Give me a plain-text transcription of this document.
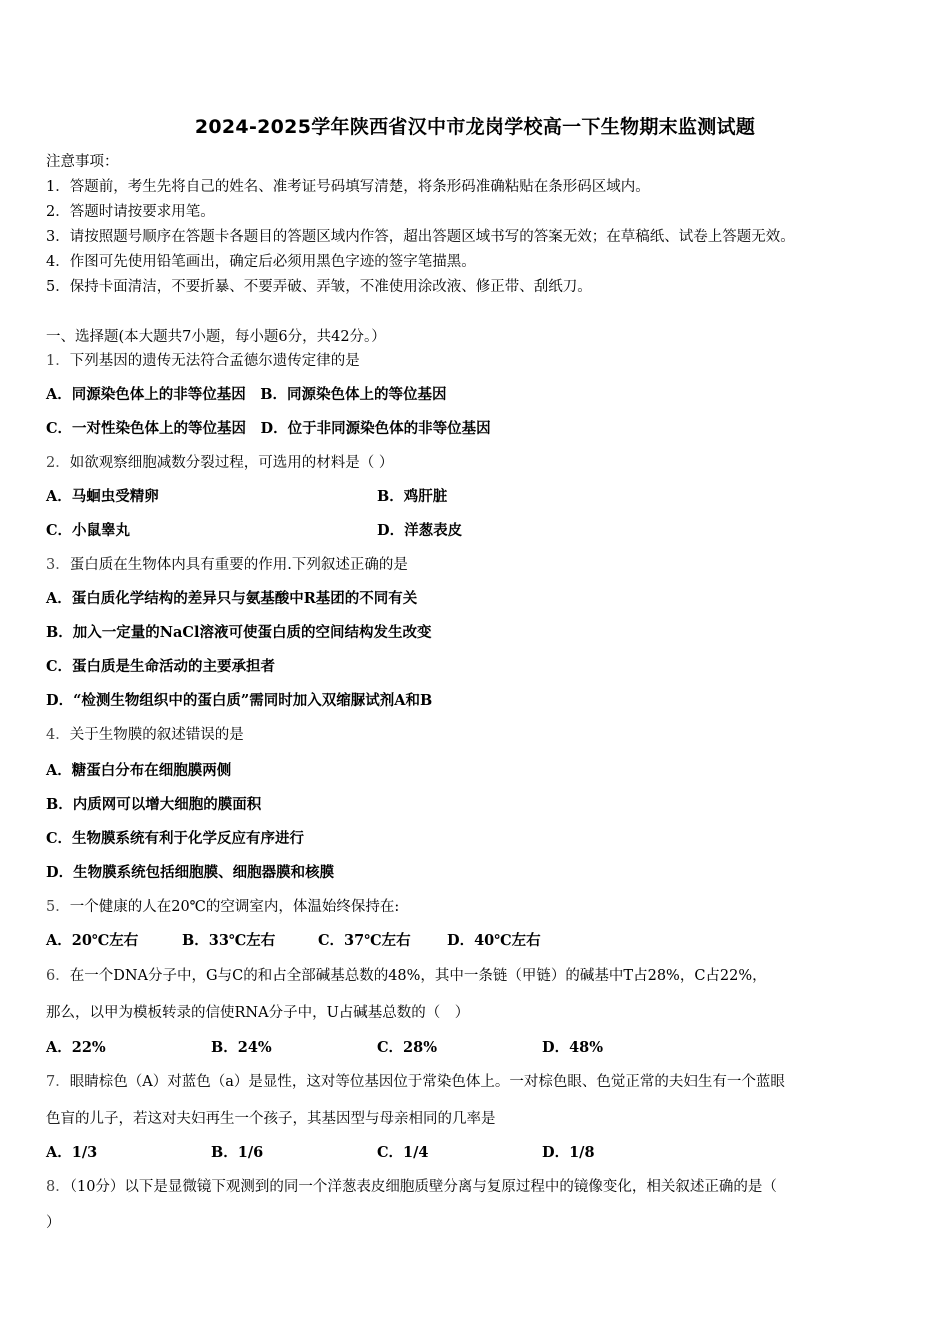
2024-2025学年陕西省汉中市龙岗学校高一下生物期末监测试题
注意事项：
1．答题前，考生先将自己的姓名、准考证号码填写清楚，将条形码准确粘贴在条形码区域内。
2．答题时请按要求用笔。
3．请按照题号顺序在答题卡各题目的答题区域内作答，超出答题区域书写的答案无效；在草稿纸、试卷上答题无效。
4．作图可先使用铅笔画出，确定后必须用黑色字迹的签字笔描黑。
5．保持卡面清洁，不要折暴、不要弄破、弄皱，不准使用涂改液、修正带、刮纸刀。
一、选择题(本大题共7小题，每小题6分，共42分。）
1．下列基因的遗传无法符合孟德尔遗传定律的是
A．同源染色体上的非等位基因　B．同源染色体上的等位基因
C．一对性染色体上的等位基因　D．位于非同源染色体的非等位基因
2．如欲观察细胞减数分裂过程，可选用的材料是（ ）
A．马蛔虫受精卵	B．鸡肝脏
C．小鼠睾丸	D．洋葱表皮
3．蛋白质在生物体内具有重要的作用.下列叙述正确的是
A．蛋白质化学结构的差异只与氨基酸中R基团的不同有关
B．加入一定量的NaCl溶液可使蛋白质的空间结构发生改变
C．蛋白质是生命活动的主要承担者
D．“检测生物组织中的蛋白质”需同时加入双缩脲试剂A和B
4．关于生物膜的叙述错误的是
A．糖蛋白分布在细胞膜两侧
B．内质网可以增大细胞的膜面积
C．生物膜系统有利于化学反应有序进行
D．生物膜系统包括细胞膜、细胞器膜和核膜
5．一个健康的人在20℃的空调室内，体温始终保持在:
A．20℃左右	B．33℃左右	C．37℃左右	D．40℃左右
6．在一个DNA分子中，G与C的和占全部碱基总数的48%，其中一条链（甲链）的碱基中T占28%，C占22%，
那么，以甲为模板转录的信使RNA分子中，U占碱基总数的（　）
A．22%	B．24%	C．28%	D．48%
7．眼睛棕色（A）对蓝色（a）是显性，这对等位基因位于常染色体上。一对棕色眼、色觉正常的夫妇生有一个蓝眼
色盲的儿子，若这对夫妇再生一个孩子，其基因型与母亲相同的几率是
A．1/3	B．1/6	C．1/4	D．1/8
8．（10分）以下是显微镜下观测到的同一个洋葱表皮细胞质壁分离与复原过程中的镜像变化，相关叙述正确的是（
）
